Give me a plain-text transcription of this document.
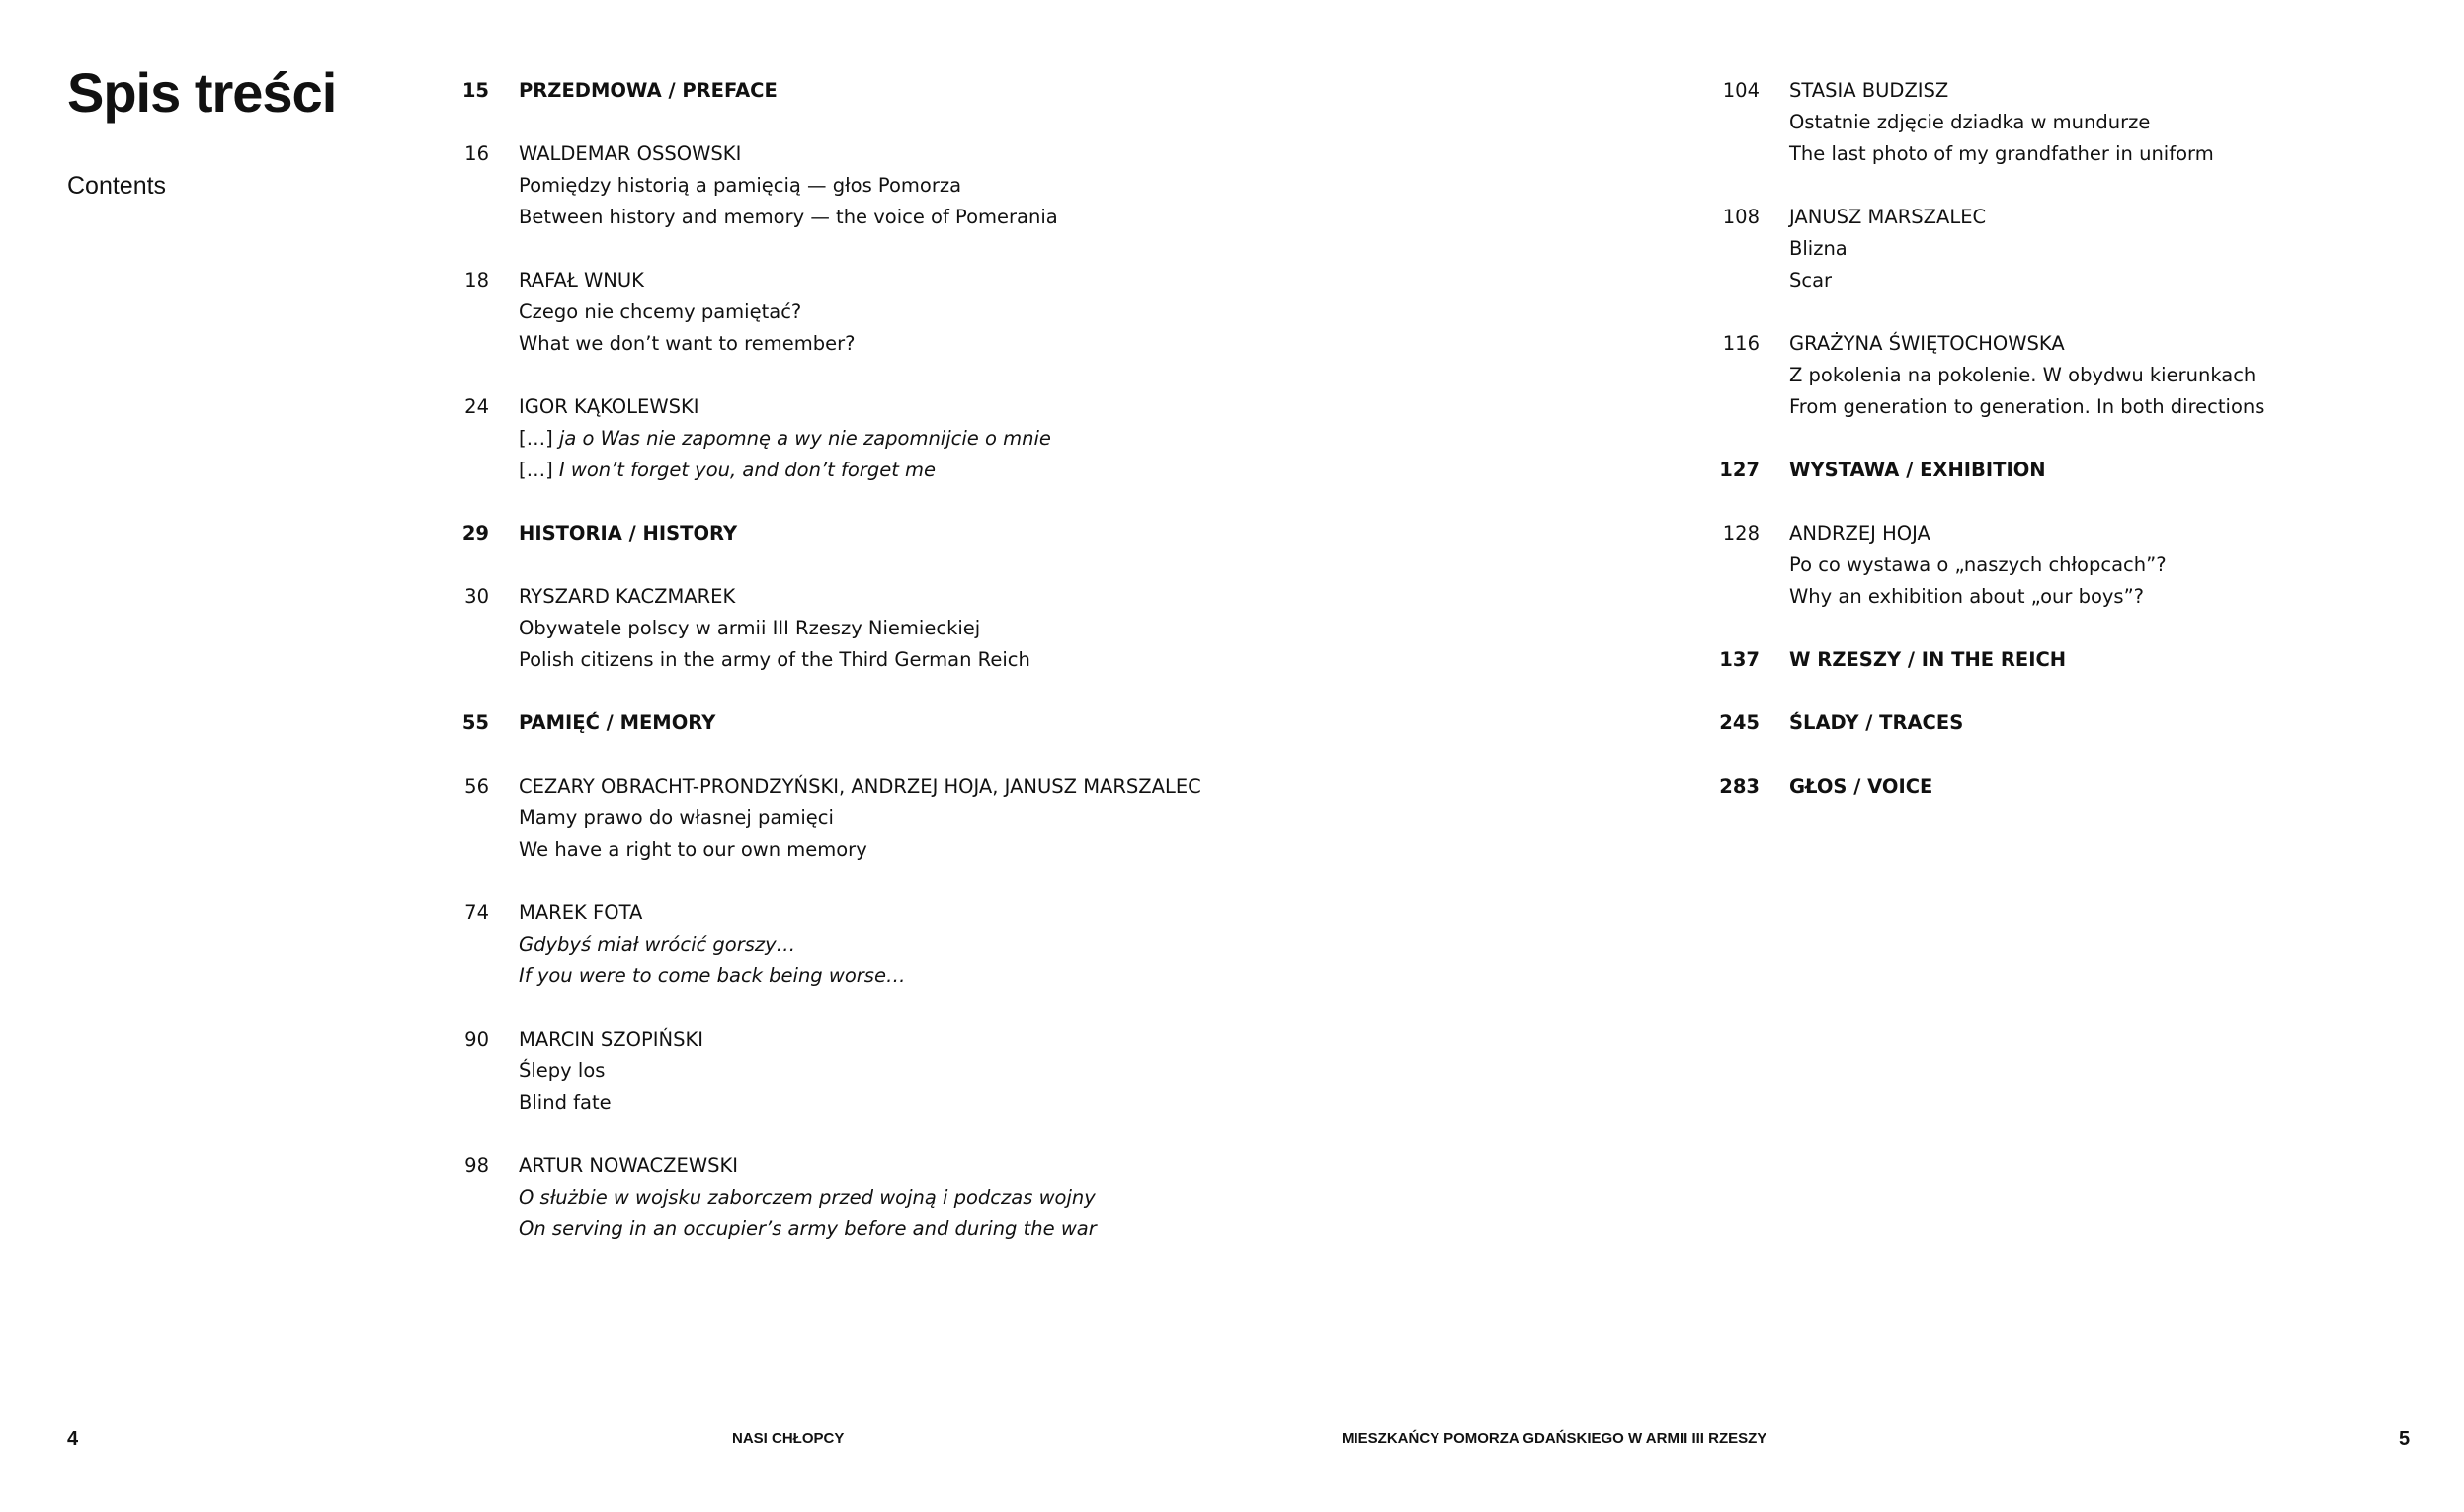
Spis treści
Contents
15 PRZEDMOWA / PREFACE
16 WALDEMAR OSSOWSKI
Pomiędzy historią a pamięcią — głos Pomorza
Between history and memory — the voice of Pomerania
18 RAFAŁ WNUK
Czego nie chcemy pamiętać?
What we don’t want to remember?
24 IGOR KĄKOLEWSKI
[…] ja o Was nie zapomnę a wy nie zapomnijcie o mnie
[…] I won’t forget you, and don’t forget me
29 HISTORIA / HISTORY
30 RYSZARD KACZMAREK
Obywatele polscy w armii III Rzeszy Niemieckiej
Polish citizens in the army of the Third German Reich
55 PAMIĘĆ / MEMORY
56 CEZARY OBRACHT-PRONDZYŃSKI, ANDRZEJ HOJA, JANUSZ MARSZALEC
Mamy prawo do własnej pamięci
We have a right to our own memory
74 MAREK FOTA
Gdybyś miał wrócić gorszy…
If you were to come back being worse…
90 MARCIN SZOPIŃSKI
Ślepy los
Blind fate
98 ARTUR NOWACZEWSKI
O służbie w wojsku zaborczem przed wojną i podczas wojny
On serving in an occupier’s army before and during the war
104 STASIA BUDZISZ
Ostatnie zdjęcie dziadka w mundurze
The last photo of my grandfather in uniform
108 JANUSZ MARSZALEC
Blizna
Scar
116 GRAŻYNA ŚWIĘTOCHOWSKA
Z pokolenia na pokolenie. W obydwu kierunkach
From generation to generation. In both directions
127 WYSTAWA / EXHIBITION
128 ANDRZEJ HOJA
Po co wystawa o „naszych chłopcach”?
Why an exhibition about „our boys”?
137 W RZESZY / IN THE REICH
245 ŚLADY / TRACES
283 GŁOS / VOICE
4	NASI CHŁOPCY	MIESZKAŃCY POMORZA GDAŃSKIEGO W ARMII III RZESZY	5
